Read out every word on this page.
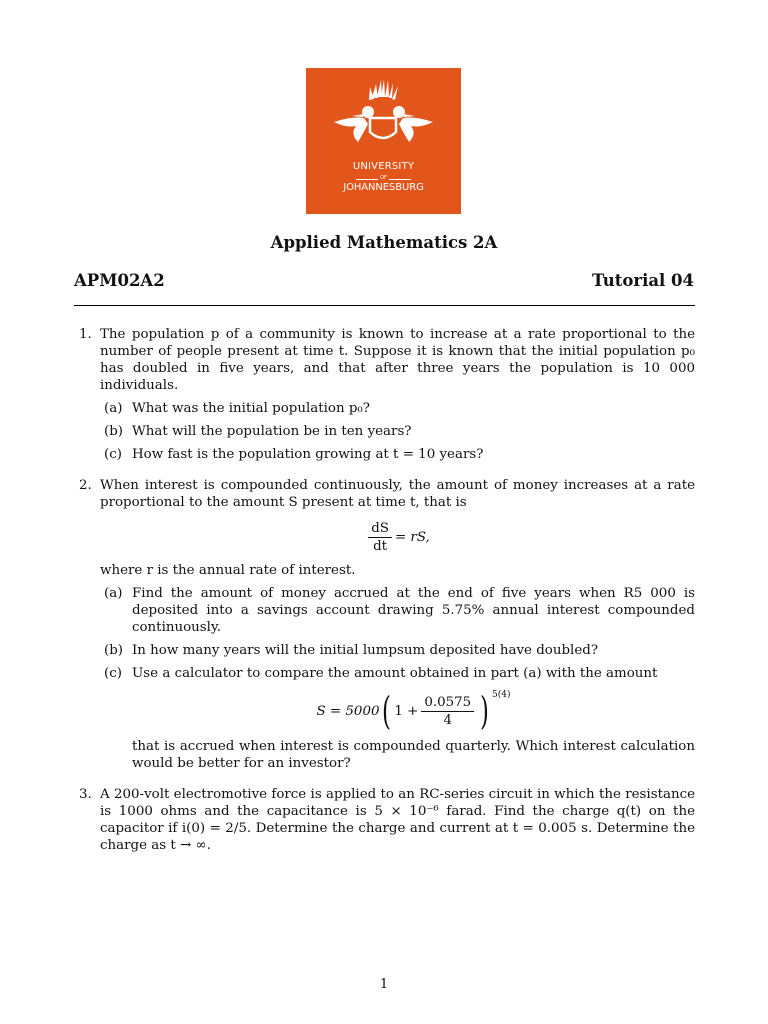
UNIVERSITY
OF
JOHANNESBURG
Applied Mathematics 2A
APM02A2	Tutorial 04
1. The population p of a community is known to increase at a rate proportional to the number of people present at time t. Suppose it is known that the initial population p₀ has doubled in five years, and that after three years the population is 10 000 individuals.
(a) What was the initial population p₀?
(b) What will the population be in ten years?
(c) How fast is the population growing at t = 10 years?
2. When interest is compounded continuously, the amount of money increases at a rate proportional to the amount S present at time t, that is
$\frac{dS}{dt}$ = rS,
where r is the annual rate of interest.
(a) Find the amount of money accrued at the end of five years when R5 000 is deposited into a savings account drawing 5.75% annual interest compounded continuously.
(b) In how many years will the initial lumpsum deposited have doubled?
(c) Use a calculator to compare the amount obtained in part (a) with the amount
S = 5000 ( $1 + \frac{0.0575}{4}$ ) $^{5(4)}$
that is accrued when interest is compounded quarterly. Which interest calculation would be better for an investor?
3. A 200-volt electromotive force is applied to an RC-series circuit in which the resistance is 1000 ohms and the capacitance is 5 × 10⁻⁶ farad. Find the charge q(t) on the capacitor if i(0) = 2/5. Determine the charge and current at t = 0.005 s. Determine the charge as t → ∞.
1
